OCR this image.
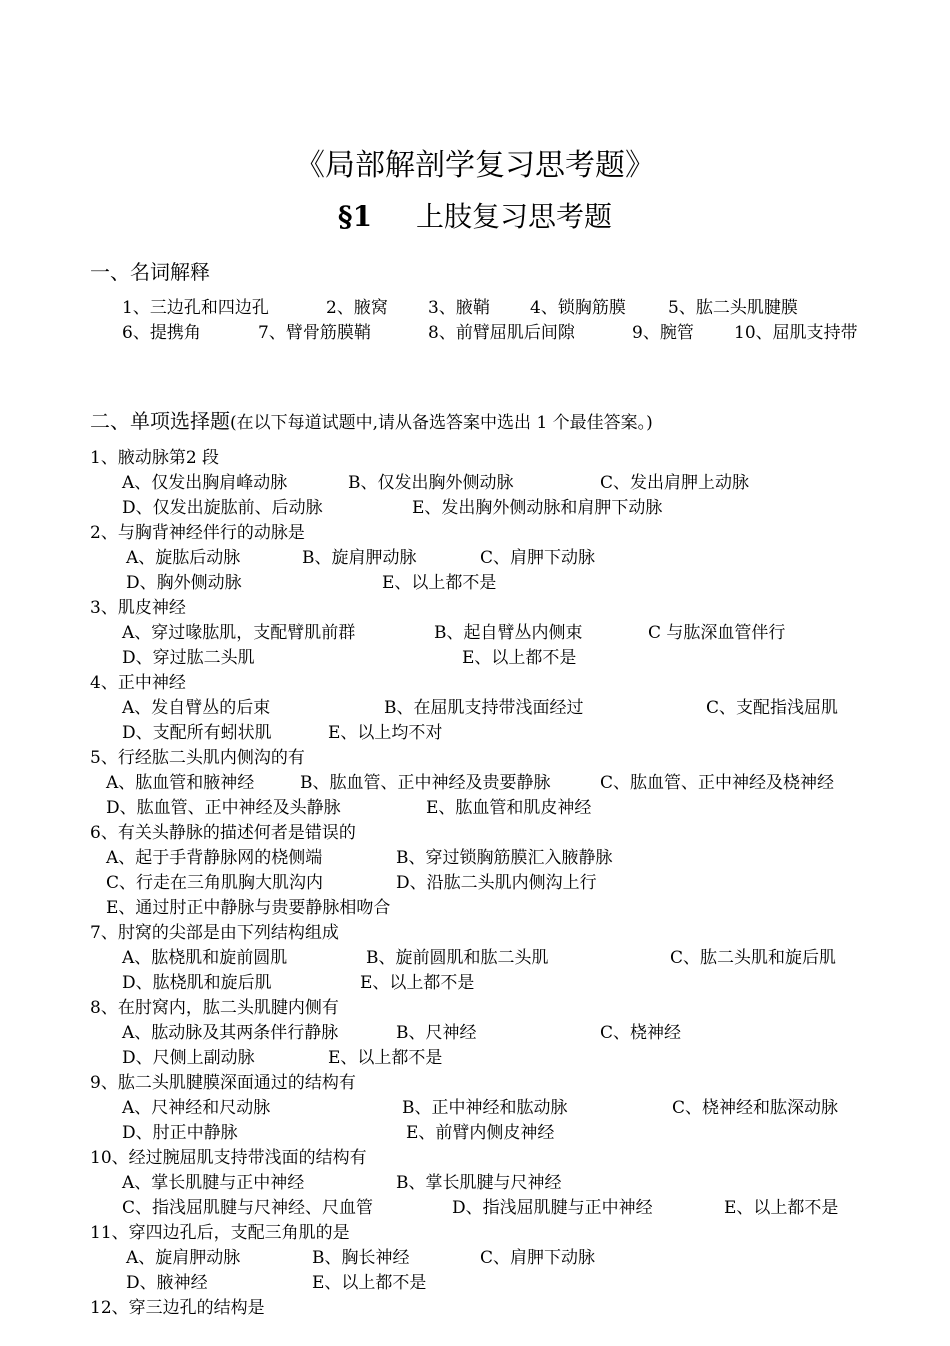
《局部解剖学复习思考题》
§1 上肢复习思考题
一、名词解释
1、三边孔和四边孔	2、腋窝 3、腋鞘 4、锁胸筋膜 5、肱二头肌腱膜
6、提携角	7、臂骨筋膜鞘	8、前臂屈肌后间隙	9、腕管 10、屈肌支持带
二、单项选择题(在以下每道试题中,请从备选答案中选出 1 个最佳答案。)
1、腋动脉第2 段
A、仅发出胸肩峰动脉	B、仅发出胸外侧动脉	C、发出肩胛上动脉
D、仅发出旋肱前、后动脉	E、发出胸外侧动脉和肩胛下动脉
2、与胸背神经伴行的动脉是
A、旋肱后动脉	B、旋肩胛动脉	C、肩胛下动脉
D、胸外侧动脉	E、以上都不是
3、肌皮神经
A、穿过喙肱肌，支配臂肌前群	B、起自臂丛内侧束	C 与肱深血管伴行
D、穿过肱二头肌	E、以上都不是
4、正中神经
A、发自臂丛的后束	B、在屈肌支持带浅面经过	C、支配指浅屈肌
D、支配所有蚓状肌	E、以上均不对
5、行经肱二头肌内侧沟的有
A、肱血管和腋神经	B、肱血管、正中神经及贵要静脉	C、肱血管、正中神经及桡神经
D、肱血管、正中神经及头静脉	E、肱血管和肌皮神经
6、有关头静脉的描述何者是错误的
A、起于手背静脉网的桡侧端	B、穿过锁胸筋膜汇入腋静脉
C、行走在三角肌胸大肌沟内	D、沿肱二头肌内侧沟上行
E、通过肘正中静脉与贵要静脉相吻合
7、肘窝的尖部是由下列结构组成
A、肱桡肌和旋前圆肌	B、旋前圆肌和肱二头肌	C、肱二头肌和旋后肌
D、肱桡肌和旋后肌	E、以上都不是
8、在肘窝内，肱二头肌腱内侧有
A、肱动脉及其两条伴行静脉	B、尺神经	C、桡神经
D、尺侧上副动脉	E、以上都不是
9、肱二头肌腱膜深面通过的结构有
A、尺神经和尺动脉	B、正中神经和肱动脉	C、桡神经和肱深动脉
D、肘正中静脉	E、前臂内侧皮神经
10、经过腕屈肌支持带浅面的结构有
A、掌长肌腱与正中神经	B、掌长肌腱与尺神经
C、指浅屈肌腱与尺神经、尺血管	D、指浅屈肌腱与正中神经	E、以上都不是
11、穿四边孔后，支配三角肌的是
A、旋肩胛动脉	B、胸长神经	C、肩胛下动脉
D、腋神经	E、以上都不是
12、穿三边孔的结构是
